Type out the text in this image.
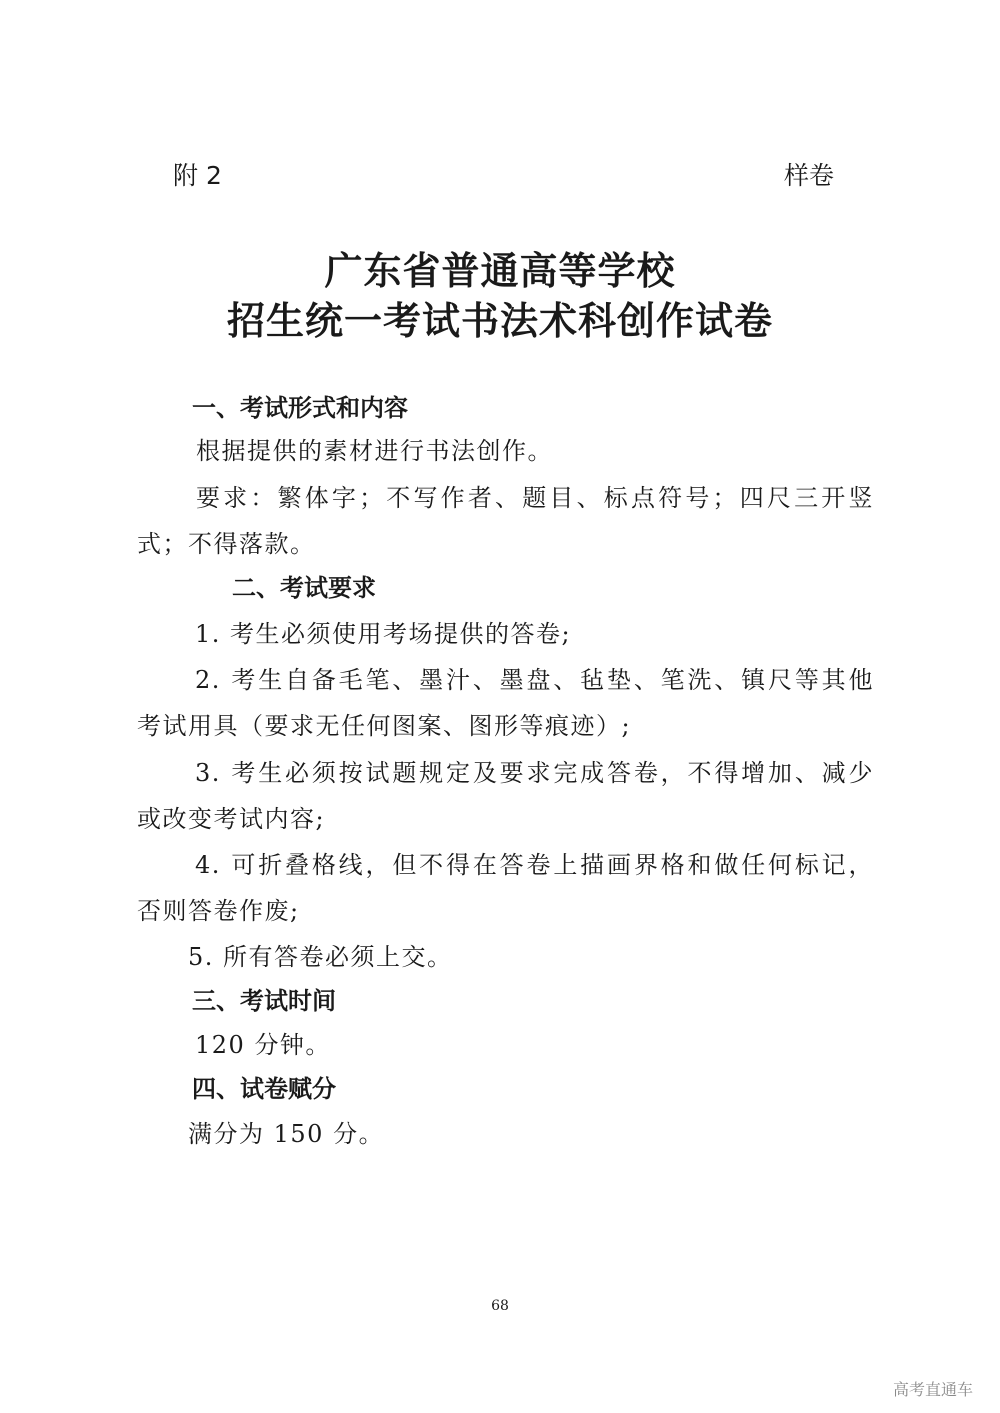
附 2	样卷
广东省普通高等学校
招生统一考试书法术科创作试卷
一、考试形式和内容
根据提供的素材进行书法创作。
要求：繁体字；不写作者、题目、标点符号；四尺三开竖
式；不得落款。
二、考试要求
1. 考生必须使用考场提供的答卷;
2. 考生自备毛笔、墨汁、墨盘、毡垫、笔洗、镇尺等其他
考试用具（要求无任何图案、图形等痕迹）;
3. 考生必须按试题规定及要求完成答卷，不得增加、减少
或改变考试内容;
4. 可折叠格线，但不得在答卷上描画界格和做任何标记，
否则答卷作废;
5. 所有答卷必须上交。
三、考试时间
120 分钟。
四、试卷赋分
满分为 150 分。
68
高考直通车
